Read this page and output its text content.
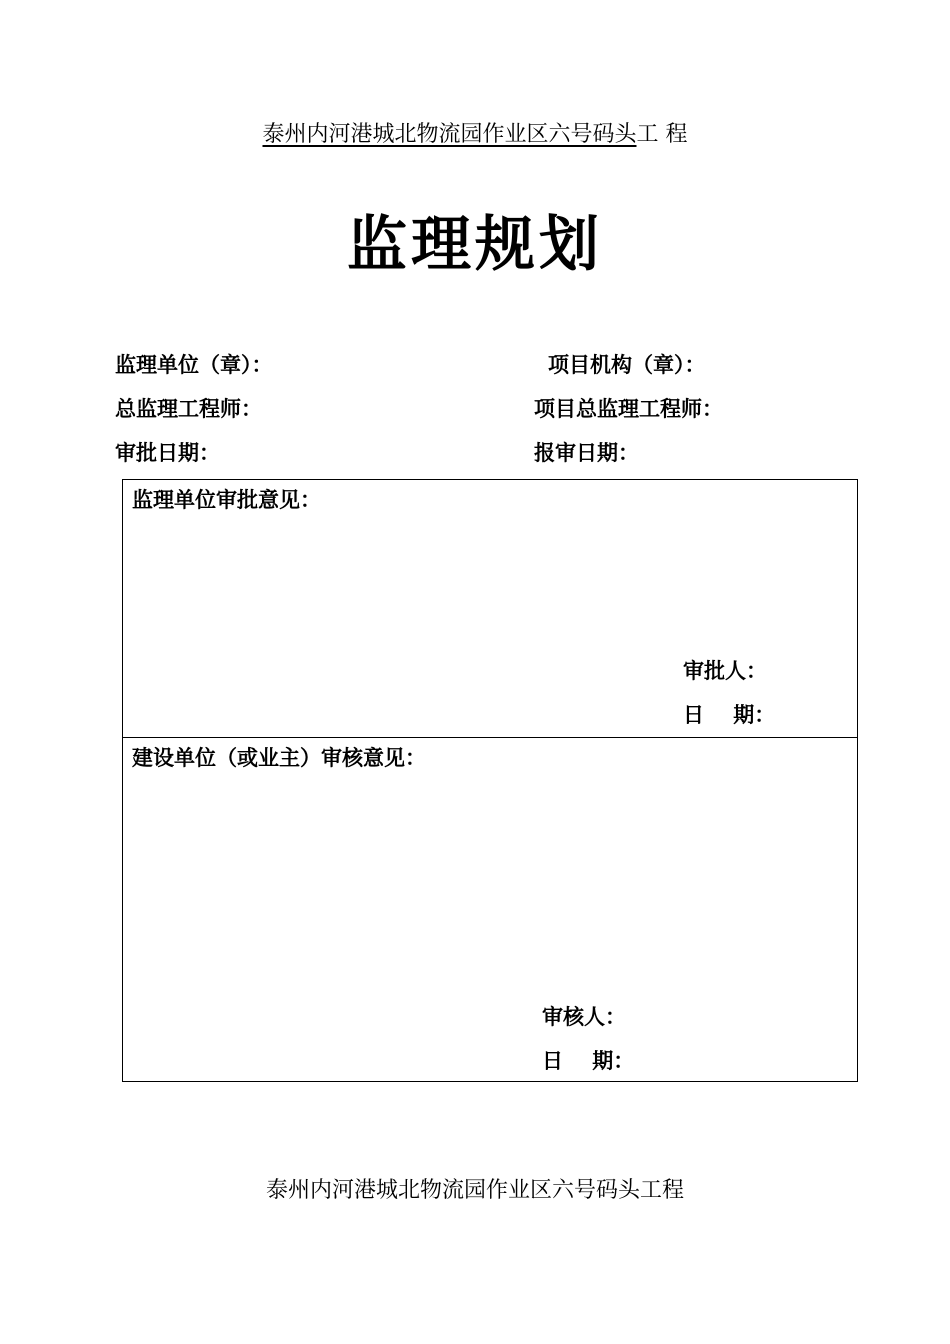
泰州内河港城北物流园作业区六号码头工 程
监理规划
监理单位（章）：	项目机构（章）：
总监理工程师：	项目总监理工程师：
审批日期：	报审日期：
监理单位审批意见：
审批人：
日    期：
建设单位（或业主）审核意见：
审核人：
日    期：
泰州内河港城北物流园作业区六号码头工程
